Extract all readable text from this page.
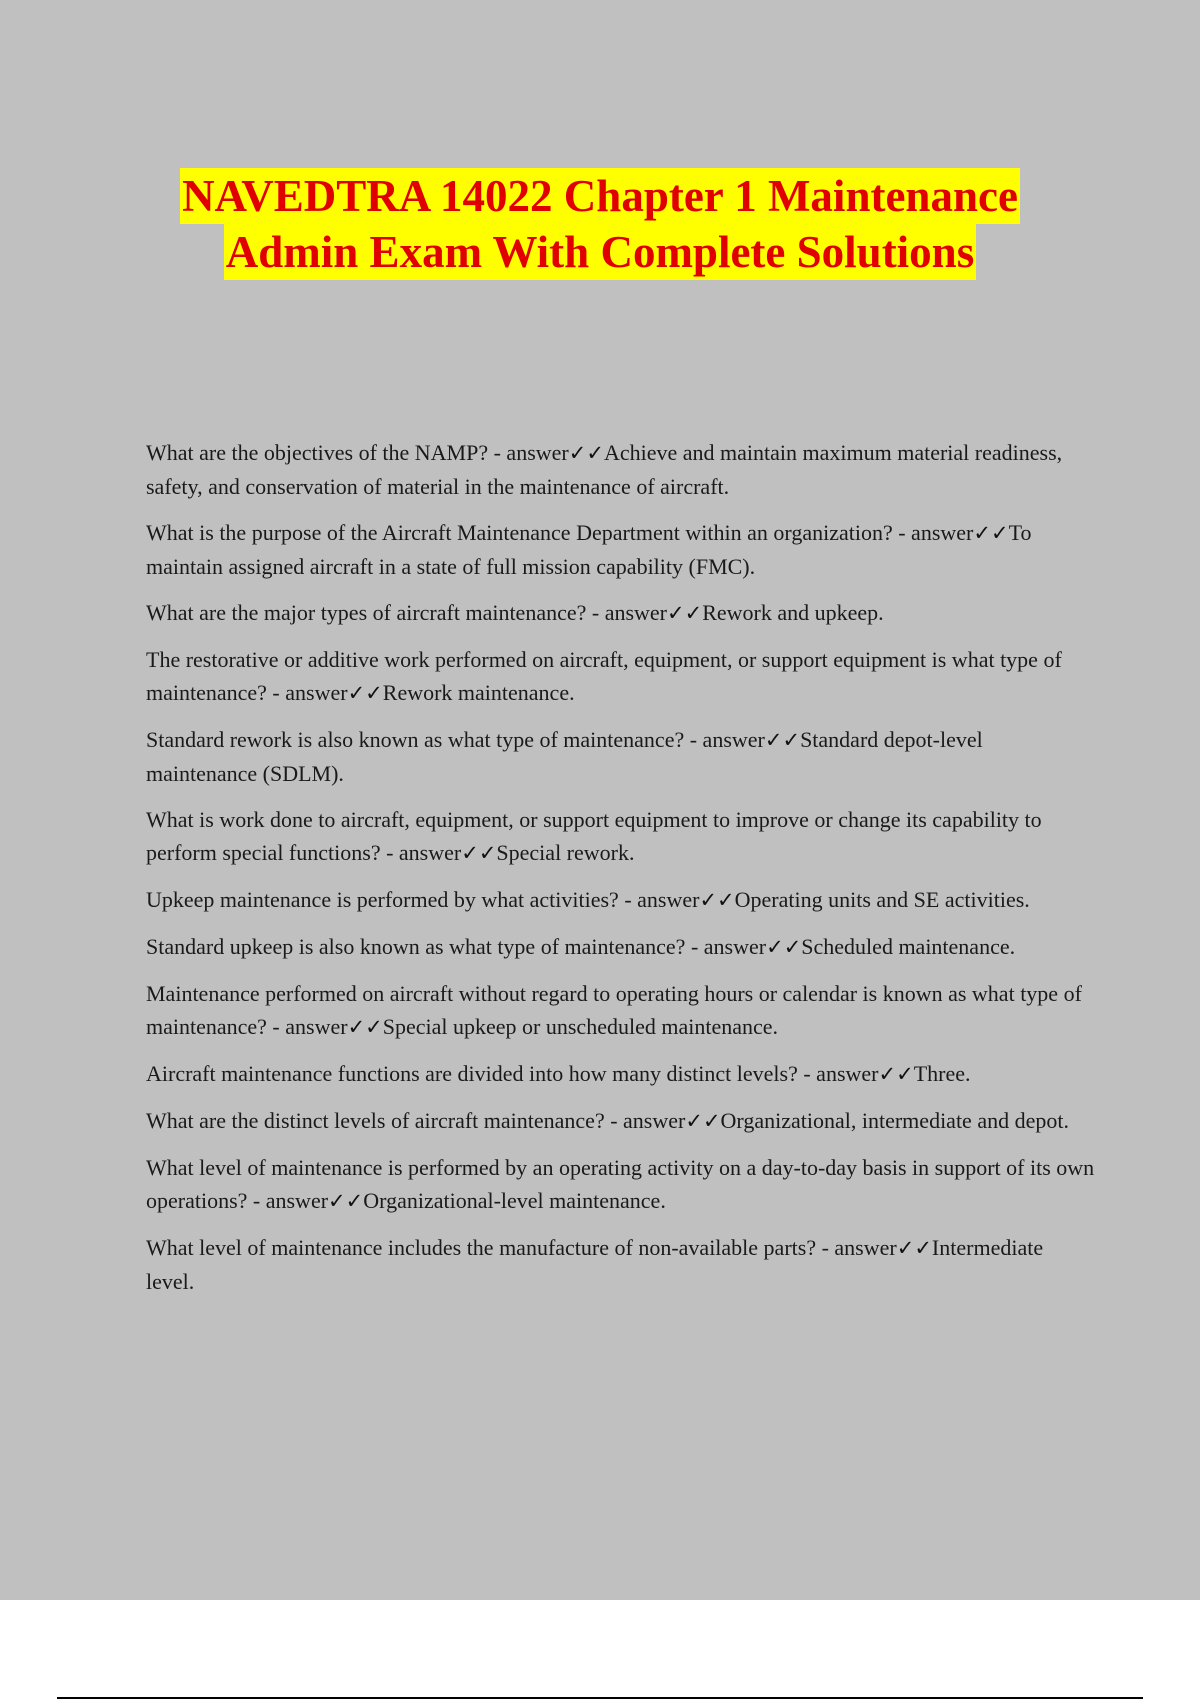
NAVEDTRA 14022 Chapter 1 Maintenance
Admin Exam With Complete Solutions
What are the objectives of the NAMP? - answer✓✓Achieve and maintain maximum material readiness, safety, and conservation of material in the maintenance of aircraft.
What is the purpose of the Aircraft Maintenance Department within an organization? - answer✓✓To maintain assigned aircraft in a state of full mission capability (FMC).
What are the major types of aircraft maintenance? - answer✓✓Rework and upkeep.
The restorative or additive work performed on aircraft, equipment, or support equipment is what type of maintenance? - answer✓✓Rework maintenance.
Standard rework is also known as what type of maintenance? - answer✓✓Standard depot-level maintenance (SDLM).
What is work done to aircraft, equipment, or support equipment to improve or change its capability to perform special functions? - answer✓✓Special rework.
Upkeep maintenance is performed by what activities? - answer✓✓Operating units and SE activities.
Standard upkeep is also known as what type of maintenance? - answer✓✓Scheduled maintenance.
Maintenance performed on aircraft without regard to operating hours or calendar is known as what type of maintenance? - answer✓✓Special upkeep or unscheduled maintenance.
Aircraft maintenance functions are divided into how many distinct levels? - answer✓✓Three.
What are the distinct levels of aircraft maintenance? - answer✓✓Organizational, intermediate and depot.
What level of maintenance is performed by an operating activity on a day-to-day basis in support of its own operations? - answer✓✓Organizational-level maintenance.
What level of maintenance includes the manufacture of non-available parts? - answer✓✓Intermediate level.
